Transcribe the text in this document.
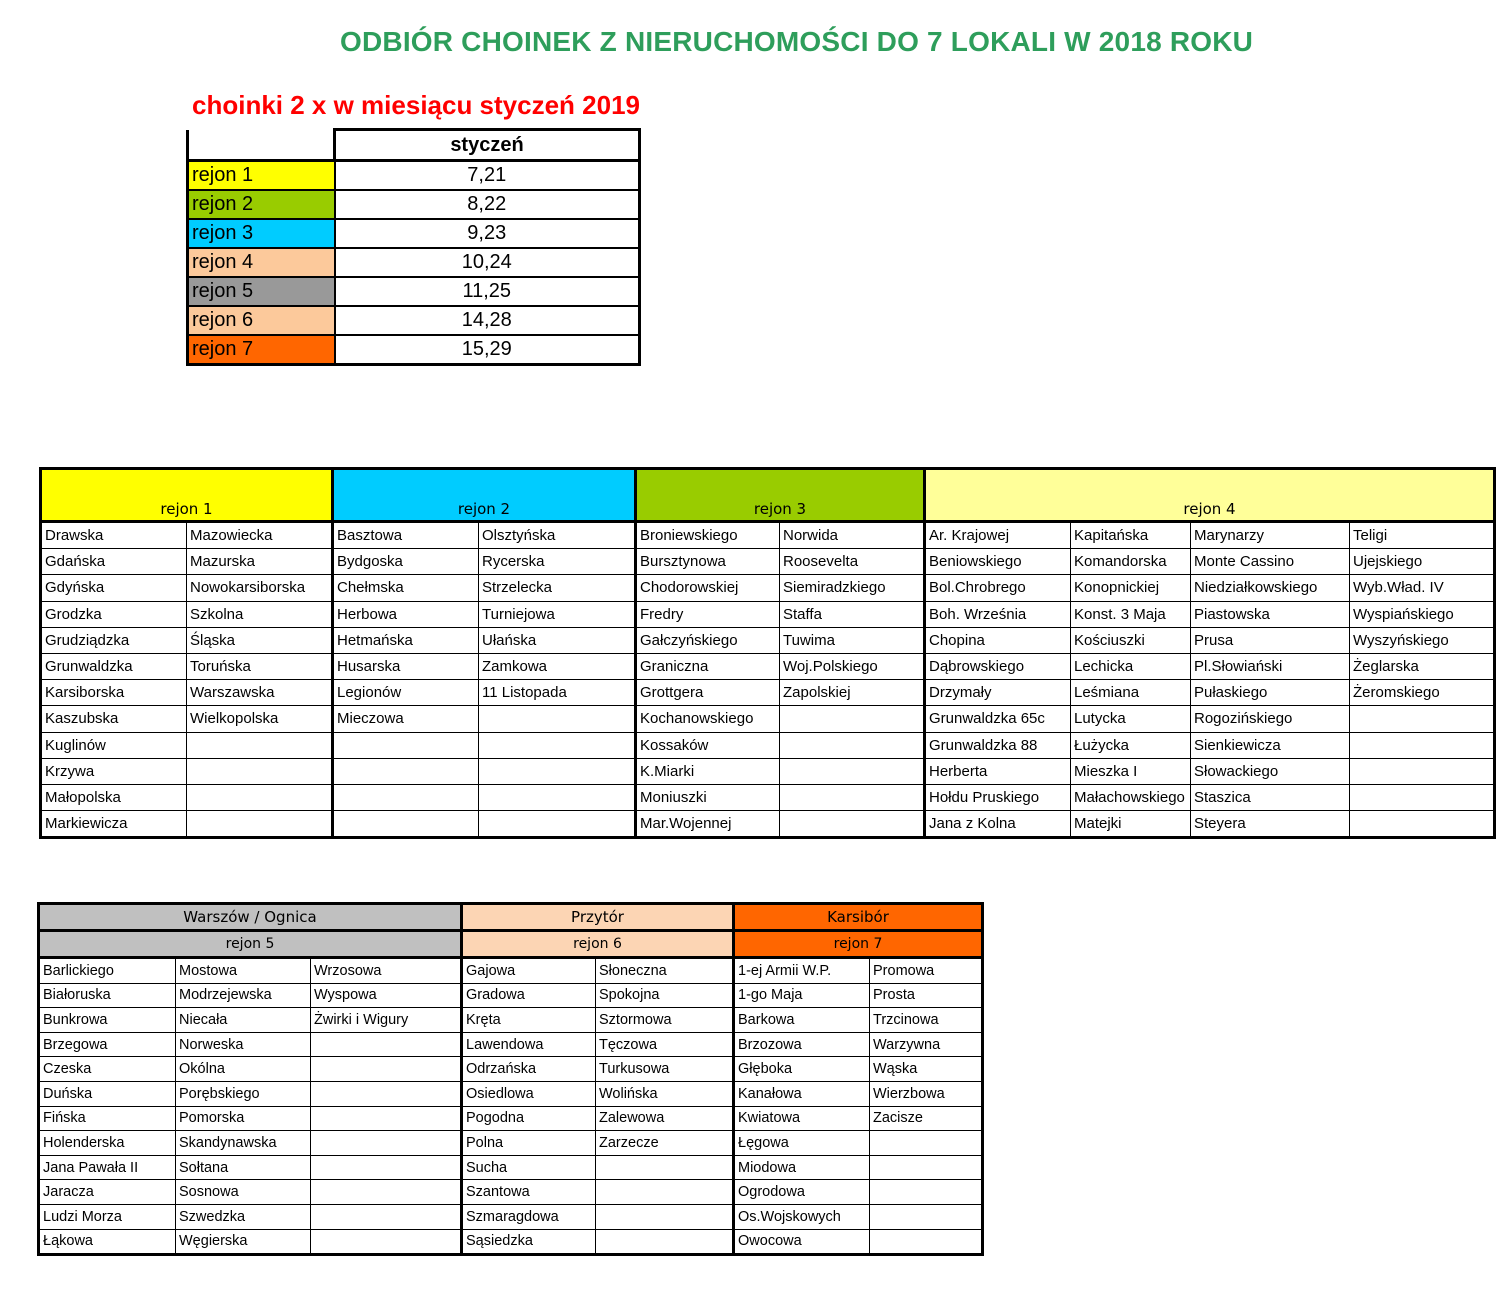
ODBIÓR CHOINEK Z NIERUCHOMOŚCI DO 7 LOKALI W 2018 ROKU
choinki 2 x w miesiącu styczeń 2019
	styczeń
rejon 1	7,21
rejon 2	8,22
rejon 3	9,23
rejon 4	10,24
rejon 5	11,25
rejon 6	14,28
rejon 7	15,29
rejon 1		rejon 2		rejon 3		rejon 4			
Drawska	Mazowiecka	Basztowa	Olsztyńska	Broniewskiego	Norwida	Ar. Krajowej	Kapitańska	Marynarzy	Teligi
Gdańska	Mazurska	Bydgoska	Rycerska	Bursztynowa	Roosevelta	Beniowskiego	Komandorska	Monte Cassino	Ujejskiego
Gdyńska	Nowokarsiborska	Chełmska	Strzelecka	Chodorowskiej	Siemiradzkiego	Bol.Chrobrego	Konopnickiej	Niedziałkowskiego	Wyb.Wład. IV
Grodzka	Szkolna	Herbowa	Turniejowa	Fredry	Staffa	Boh. Września	Konst. 3 Maja	Piastowska	Wyspiańskiego
Grudziądzka	Śląska	Hetmańska	Ułańska	Gałczyńskiego	Tuwima	Chopina	Kościuszki	Prusa	Wyszyńskiego
Grunwaldzka	Toruńska	Husarska	Zamkowa	Graniczna	Woj.Polskiego	Dąbrowskiego	Lechicka	Pl.Słowiański	Żeglarska
Karsiborska	Warszawska	Legionów	11 Listopada	Grottgera	Zapolskiej	Drzymały	Leśmiana	Pułaskiego	Żeromskiego
Kaszubska	Wielkopolska	Mieczowa		Kochanowskiego		Grunwaldzka 65c	Lutycka	Rogozińskiego	
Kuglinów				Kossaków		Grunwaldzka 88	Łużycka	Sienkiewicza	
Krzywa				K.Miarki		Herberta	Mieszka I	Słowackiego	
Małopolska				Moniuszki		Hołdu Pruskiego	Małachowskiego	Staszica	
Markiewicza				Mar.Wojennej		Jana z Kolna	Matejki	Steyera	
Warszów / Ognica			Przytór		Karsibór	
rejon 5			rejon 6		rejon 7	
Barlickiego	Mostowa	Wrzosowa	Gajowa	Słoneczna	1-ej Armii W.P.	Promowa
Białoruska	Modrzejewska	Wyspowa	Gradowa	Spokojna	1-go Maja	Prosta
Bunkrowa	Niecała	Żwirki i Wigury	Kręta	Sztormowa	Barkowa	Trzcinowa
Brzegowa	Norweska		Lawendowa	Tęczowa	Brzozowa	Warzywna
Czeska	Okólna		Odrzańska	Turkusowa	Głęboka	Wąska
Duńska	Porębskiego		Osiedlowa	Wolińska	Kanałowa	Wierzbowa
Fińska	Pomorska		Pogodna	Zalewowa	Kwiatowa	Zacisze
Holenderska	Skandynawska		Polna	Zarzecze	Łęgowa	
Jana Pawała II	Sołtana		Sucha		Miodowa	
Jaracza	Sosnowa		Szantowa		Ogrodowa	
Ludzi Morza	Szwedzka		Szmaragdowa		Os.Wojskowych	
Łąkowa	Węgierska		Sąsiedzka		Owocowa	
